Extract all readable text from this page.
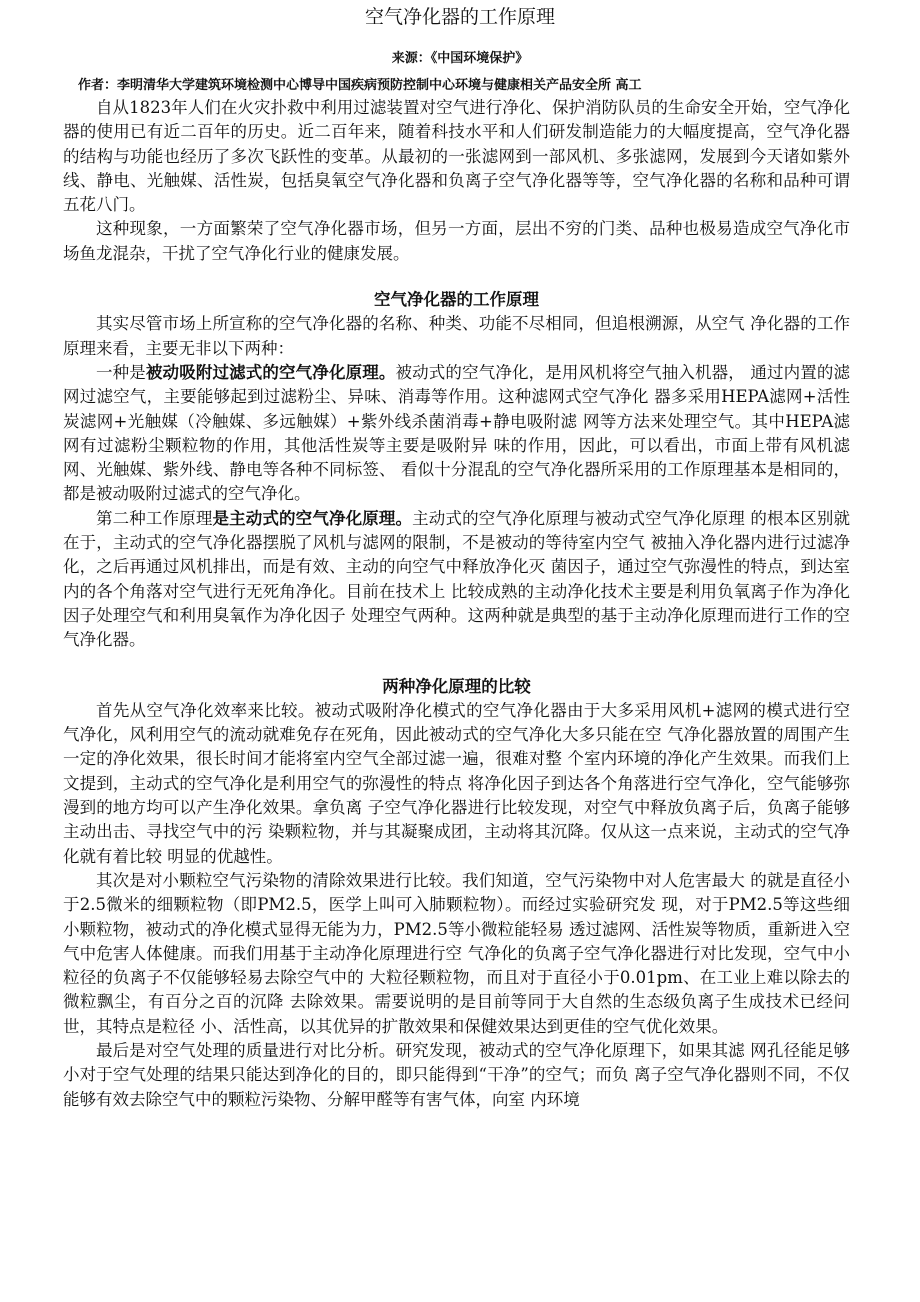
空气净化器的工作原理
来源：《中国环境保护》
作者：李明清华大学建筑环境检测中心博导中国疾病预防控制中心环境与健康相关产品安全所 高工

自从1823年人们在火灾扑救中利用过滤装置对空气进行净化、保护消防队员的生命安全开始，空气净化器的使用已有近二百年的历史。近二百年来，随着科技水平和人们研发制造能力的大幅度提高，空气净化器的结构与功能也经历了多次飞跃性的变革。从最初的一张滤网到一部风机、多张滤网，发展到今天诸如紫外线、静电、光触媒、活性炭，包括臭氧空气净化器和负离子空气净化器等等，空气净化器的名称和品种可谓五花八门。

这种现象，一方面繁荣了空气净化器市场，但另一方面，层出不穷的门类、品种也极易造成空气净化市场鱼龙混杂，干扰了空气净化行业的健康发展。

空气净化器的工作原理

其实尽管市场上所宣称的空气净化器的名称、种类、功能不尽相同，但追根溯源，从空气 净化器的工作原理来看，主要无非以下两种：

一种是被动吸附过滤式的空气净化原理。被动式的空气净化，是用风机将空气抽入机器， 通过内置的滤网过滤空气，主要能够起到过滤粉尘、异味、消毒等作用。这种滤网式空气净化 器多采用HEPA滤网+活性炭滤网+光触媒（冷触媒、多远触媒）+紫外线杀菌消毒+静电吸附滤 网等方法来处理空气。其中HEPA滤网有过滤粉尘颗粒物的作用，其他活性炭等主要是吸附异 味的作用，因此，可以看出，市面上带有风机滤网、光触媒、紫外线、静电等各种不同标签、 看似十分混乱的空气净化器所采用的工作原理基本是相同的，都是被动吸附过滤式的空气净化。

第二种工作原理是主动式的空气净化原理。主动式的空气净化原理与被动式空气净化原理 的根本区别就在于，主动式的空气净化器摆脱了风机与滤网的限制，不是被动的等待室内空气 被抽入净化器内进行过滤净化，之后再通过风机排出，而是有效、主动的向空气中释放净化灭 菌因子，通过空气弥漫性的特点，到达室内的各个角落对空气进行无死角净化。目前在技术上 比较成熟的主动净化技术主要是利用负氧离子作为净化因子处理空气和利用臭氧作为净化因子 处理空气两种。这两种就是典型的基于主动净化原理而进行工作的空气净化器。

两种净化原理的比较

首先从空气净化效率来比较。被动式吸附净化模式的空气净化器由于大多采用风机+滤网的模式进行空气净化，风利用空气的流动就难免存在死角，因此被动式的空气净化大多只能在空 气净化器放置的周围产生一定的净化效果，很长时间才能将室内空气全部过滤一遍，很难对整 个室内环境的净化产生效果。而我们上文提到，主动式的空气净化是利用空气的弥漫性的特点 将净化因子到达各个角落进行空气净化，空气能够弥漫到的地方均可以产生净化效果。拿负离 子空气净化器进行比较发现，对空气中释放负离子后，负离子能够主动出击、寻找空气中的污 染颗粒物，并与其凝聚成团，主动将其沉降。仅从这一点来说，主动式的空气净化就有着比较 明显的优越性。

其次是对小颗粒空气污染物的清除效果进行比较。我们知道，空气污染物中对人危害最大 的就是直径小于2.5微米的细颗粒物（即PM2.5，医学上叫可入肺颗粒物）。而经过实验研究发 现，对于PM2.5等这些细小颗粒物，被动式的净化模式显得无能为力，PM2.5等小微粒能轻易 透过滤网、活性炭等物质，重新进入空气中危害人体健康。而我们用基于主动净化原理进行空 气净化的负离子空气净化器进行对比发现，空气中小粒径的负离子不仅能够轻易去除空气中的 大粒径颗粒物，而且对于直径小于0.01pm、在工业上难以除去的微粒飘尘，有百分之百的沉降 去除效果。需要说明的是目前等同于大自然的生态级负离子生成技术已经问世，其特点是粒径 小、活性高，以其优异的扩散效果和保健效果达到更佳的空气优化效果。

最后是对空气处理的质量进行对比分析。研究发现，被动式的空气净化原理下，如果其滤 网孔径能足够小对于空气处理的结果只能达到净化的目的，即只能得到“干净”的空气；而负 离子空气净化器则不同，不仅能够有效去除空气中的颗粒污染物、分解甲醛等有害气体，向室 内环境
